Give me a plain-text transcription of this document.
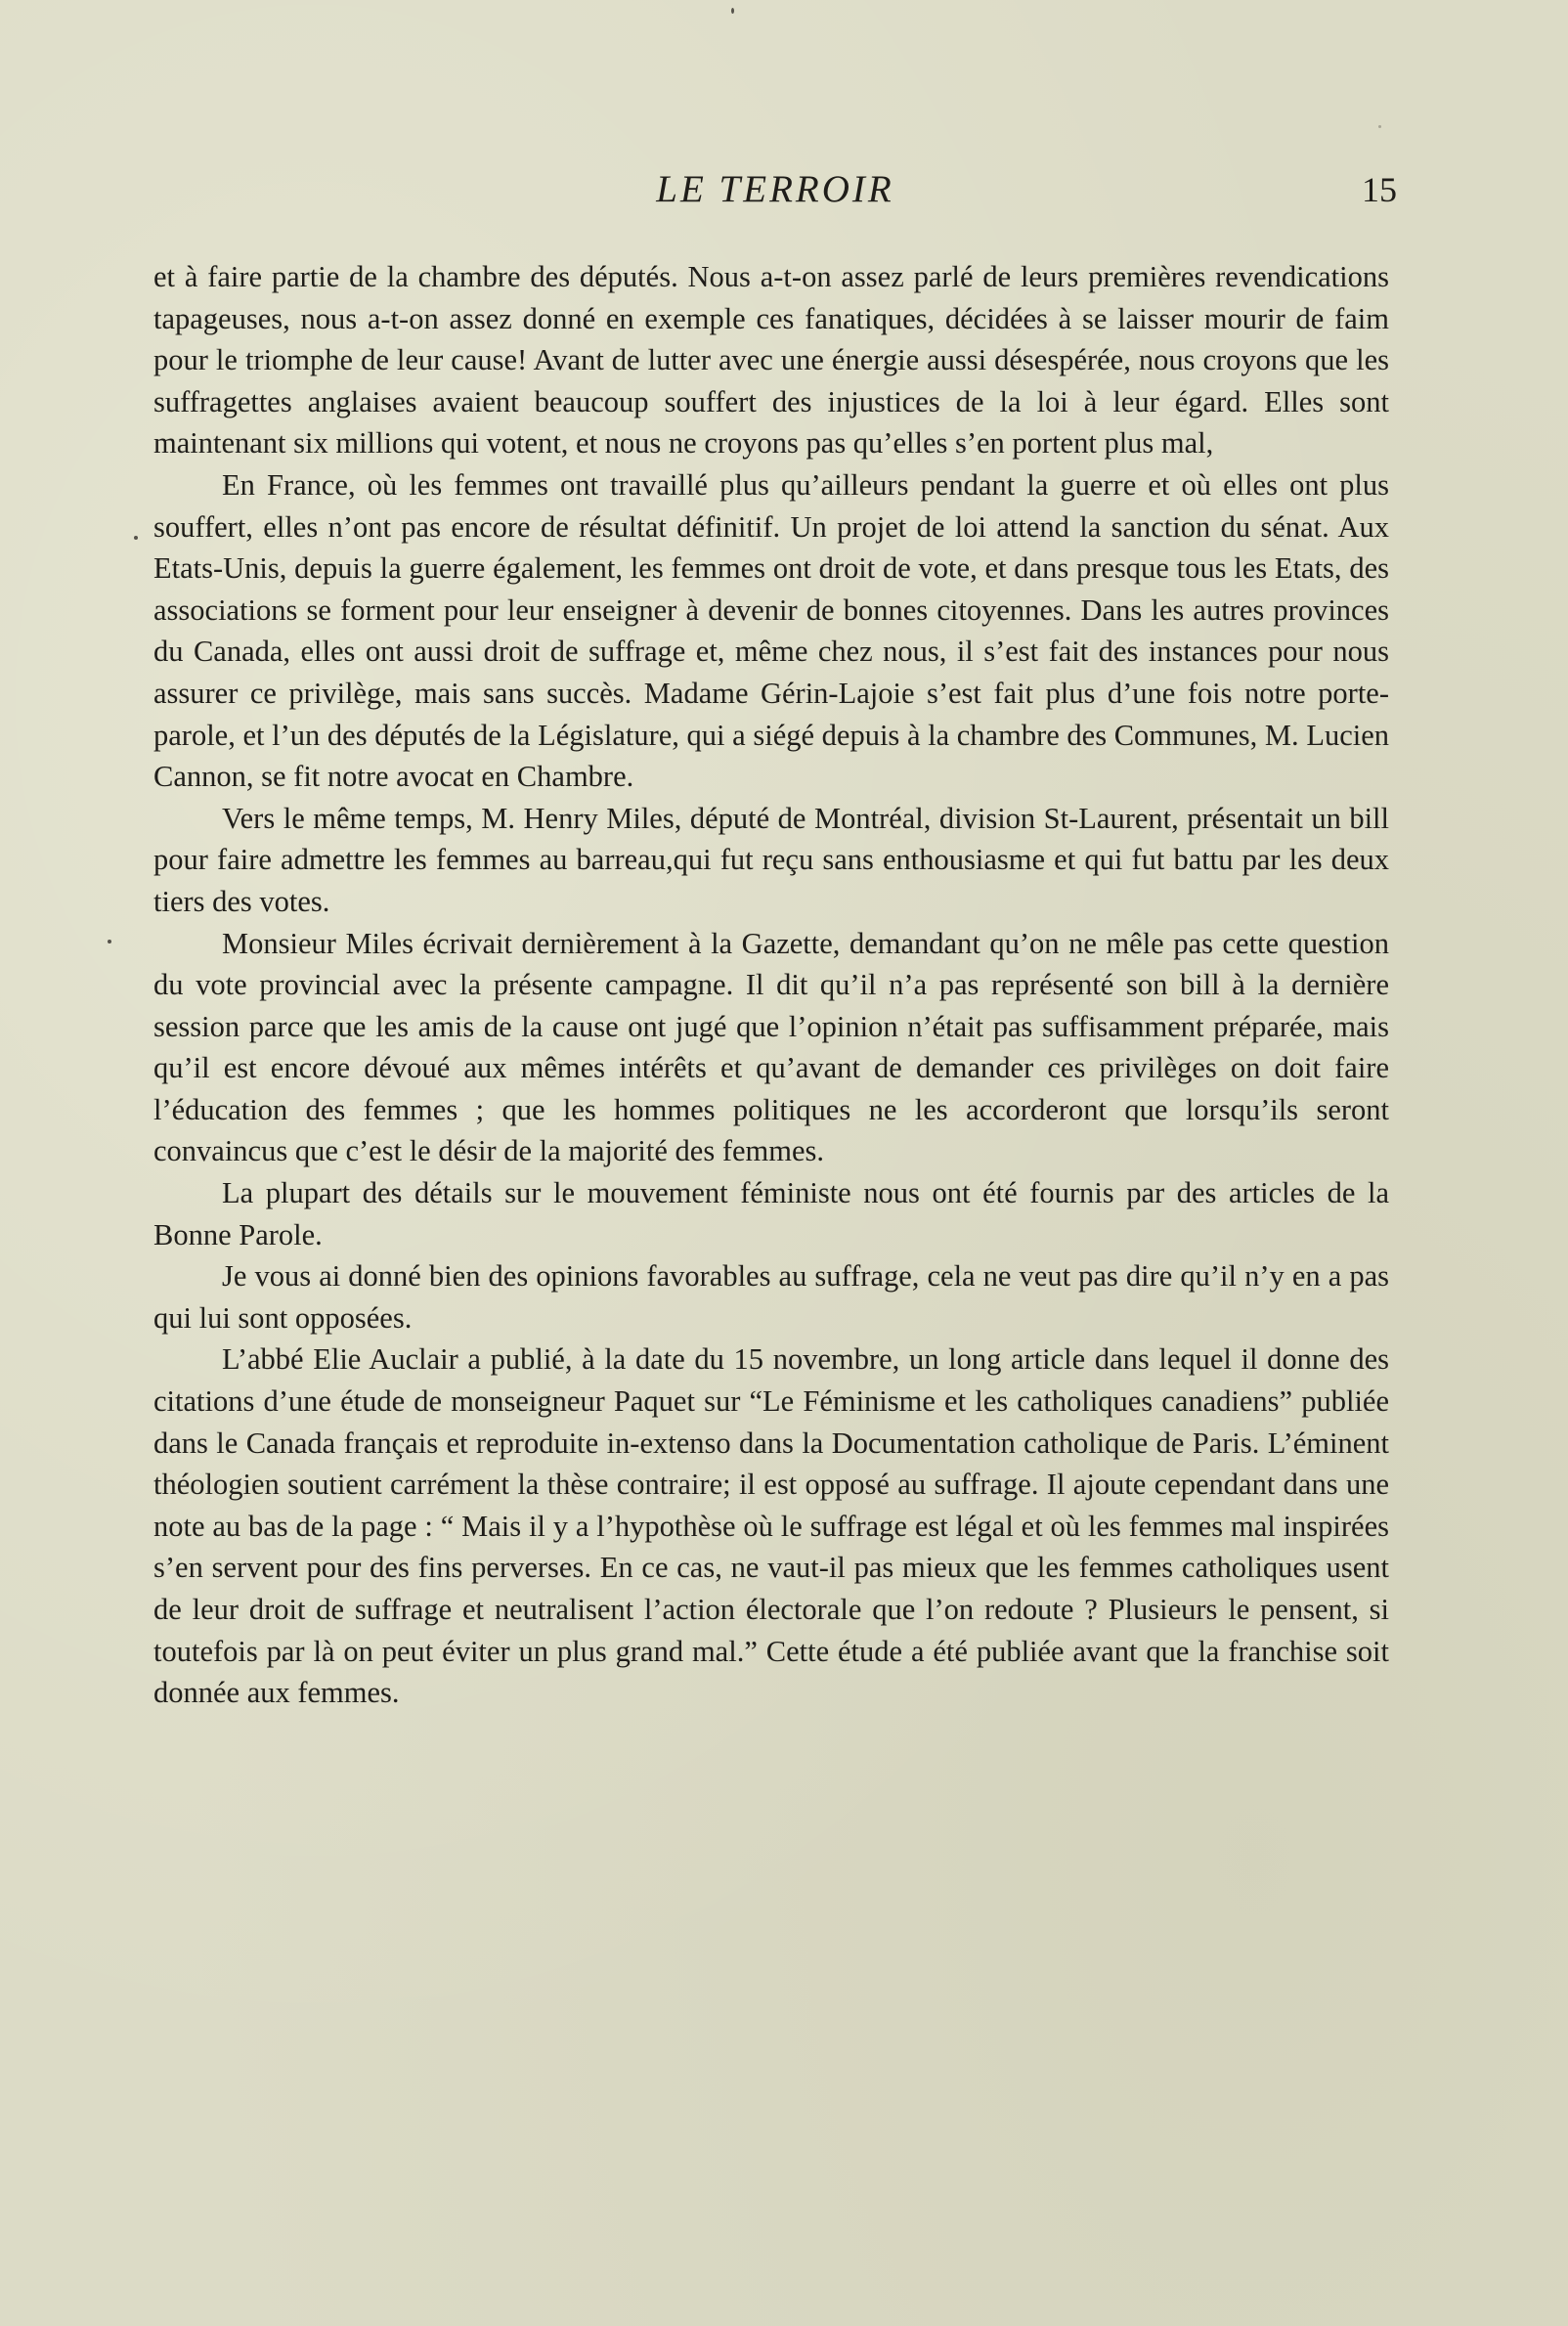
LE TERROIR	15

et à faire partie de la chambre des députés. Nous a-t-on assez parlé de leurs premières revendications tapageuses, nous a-t-on assez donné en exemple ces fanatiques, décidées à se laisser mourir de faim pour le triomphe de leur cause! Avant de lutter avec une énergie aussi désespérée, nous croyons que les suffragettes anglaises avaient beaucoup souffert des injustices de la loi à leur égard. Elles sont maintenant six millions qui votent, et nous ne croyons pas qu’elles s’en portent plus mal,

En France, où les femmes ont travaillé plus qu’ailleurs pendant la guerre et où elles ont plus souffert, elles n’ont pas encore de résultat définitif. Un projet de loi attend la sanction du sénat. Aux Etats-Unis, depuis la guerre également, les femmes ont droit de vote, et dans presque tous les Etats, des associations se forment pour leur enseigner à devenir de bonnes citoyennes. Dans les autres provinces du Canada, elles ont aussi droit de suffrage et, même chez nous, il s’est fait des instances pour nous assurer ce privilège, mais sans succès. Madame Gérin-Lajoie s’est fait plus d’une fois notre porte-parole, et l’un des députés de la Législature, qui a siégé depuis à la chambre des Communes, M. Lucien Cannon, se fit notre avocat en Chambre.

Vers le même temps, M. Henry Miles, député de Montréal, division St-Laurent, présentait un bill pour faire admettre les femmes au barreau,qui fut reçu sans enthousiasme et qui fut battu par les deux tiers des votes.

Monsieur Miles écrivait dernièrement à la Gazette, demandant qu’on ne mêle pas cette question du vote provincial avec la présente campagne. Il dit qu’il n’a pas représenté son bill à la dernière session parce que les amis de la cause ont jugé que l’opinion n’était pas suffisamment préparée, mais qu’il est encore dévoué aux mêmes intérêts et qu’avant de demander ces privilèges on doit faire l’éducation des femmes ; que les hommes politiques ne les accorderont que lorsqu’ils seront convaincus que c’est le désir de la majorité des femmes.

La plupart des détails sur le mouvement féministe nous ont été fournis par des articles de la Bonne Parole.

Je vous ai donné bien des opinions favorables au suffrage, cela ne veut pas dire qu’il n’y en a pas qui lui sont opposées.

L’abbé Elie Auclair a publié, à la date du 15 novembre, un long article dans lequel il donne des citations d’une étude de monseigneur Paquet sur “Le Féminisme et les catholiques canadiens” publiée dans le Canada français et reproduite in-extenso dans la Documentation catholique de Paris. L’éminent théologien soutient carrément la thèse contraire; il est opposé au suffrage. Il ajoute cependant dans une note au bas de la page : “ Mais il y a l’hypothèse où le suffrage est légal et où les femmes mal inspirées s’en servent pour des fins perverses. En ce cas, ne vaut-il pas mieux que les femmes catholiques usent de leur droit de suffrage et neutralisent l’action électorale que l’on redoute ? Plusieurs le pensent, si toutefois par là on peut éviter un plus grand mal.” Cette étude a été publiée avant que la franchise soit donnée aux femmes.
